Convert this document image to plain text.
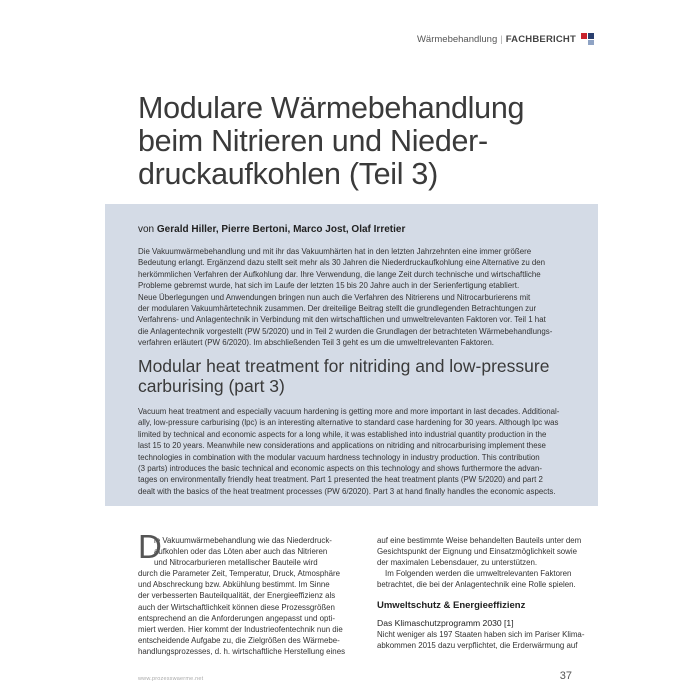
Wärmebehandlung | FACHBERICHT
Modulare Wärmebehandlung
beim Nitrieren und Nieder-
druckaufkohlen (Teil 3)
von Gerald Hiller, Pierre Bertoni, Marco Jost, Olaf Irretier

Die Vakuumwärmebehandlung und mit ihr das Vakuumhärten hat in den letzten Jahrzehnten eine immer größere
Bedeutung erlangt. Ergänzend dazu stellt seit mehr als 30 Jahren die Niederdruckaufkohlung eine Alternative zu den
herkömmlichen Verfahren der Aufkohlung dar. Ihre Verwendung, die lange Zeit durch technische und wirtschaftliche
Probleme gebremst wurde, hat sich im Laufe der letzten 15 bis 20 Jahre auch in der Serienfertigung etabliert.
Neue Überlegungen und Anwendungen bringen nun auch die Verfahren des Nitrierens und Nitrocarburierens mit
der modularen Vakuumhärtetechnik zusammen. Der dreiteilige Beitrag stellt die grundlegenden Betrachtungen zur
Verfahrens- und Anlagentechnik in Verbindung mit den wirtschaftlichen und umweltrelevanten Faktoren vor. Teil 1 hat
die Anlagentechnik vorgestellt (PW 5/2020) und in Teil 2 wurden die Grundlagen der betrachteten Wärmebehandlungs-
verfahren erläutert (PW 6/2020). Im abschließenden Teil 3 geht es um die umweltrelevanten Faktoren.

Modular heat treatment for nitriding and low-pressure
carburising (part 3)

Vacuum heat treatment and especially vacuum hardening is getting more and more important in last decades. Additional-
ally, low-pressure carburising (lpc) is an interesting alternative to standard case hardening for 30 years. Although lpc was
limited by technical and economic aspects for a long while, it was established into industrial quantity production in the
last 15 to 20 years. Meanwhile new considerations and applications on nitriding and nitrocarburising implement these
technologies in combination with the modular vacuum hardness technology in industry production. This contribution
(3 parts) introduces the basic technical and economic aspects on this technology and shows furthermore the advan-
tages on environmentally friendly heat treatment. Part 1 presented the heat treatment plants (PW 5/2020) and part 2
dealt with the basics of the heat treatment processes (PW 6/2020). Part 3 at hand finally handles the economic aspects.

D
ie Vakuumwärmebehandlung wie das Niederdruck-
aufkohlen oder das Löten aber auch das Nitrieren
und Nitrocarburieren metallischer Bauteile wird
durch die Parameter Zeit, Temperatur, Druck, Atmosphäre
und Abschreckung bzw. Abkühlung bestimmt. Im Sinne
der verbesserten Bauteilqualität, der Energieeffizienz als
auch der Wirtschaftlichkeit können diese Prozessgrößen
entsprechend an die Anforderungen angepasst und opti-
miert werden. Hier kommt der Industrieofentechnik nun die
entscheidende Aufgabe zu, die Zielgrößen des Wärmebe-
handlungsprozesses, d. h. wirtschaftliche Herstellung eines

auf eine bestimmte Weise behandelten Bauteils unter dem
Gesichtspunkt der Eignung und Einsatzmöglichkeit sowie
der maximalen Lebensdauer, zu unterstützen.

Im Folgenden werden die umweltrelevanten Faktoren
betrachtet, die bei der Anlagentechnik eine Rolle spielen.

Umweltschutz & Energieeffizienz

Das Klimaschutzprogramm 2030 [1]

Nicht weniger als 197 Staaten haben sich im Pariser Klima-
abkommen 2015 dazu verpflichtet, die Erderwärmung auf

www.prozesswaerme.net	37
